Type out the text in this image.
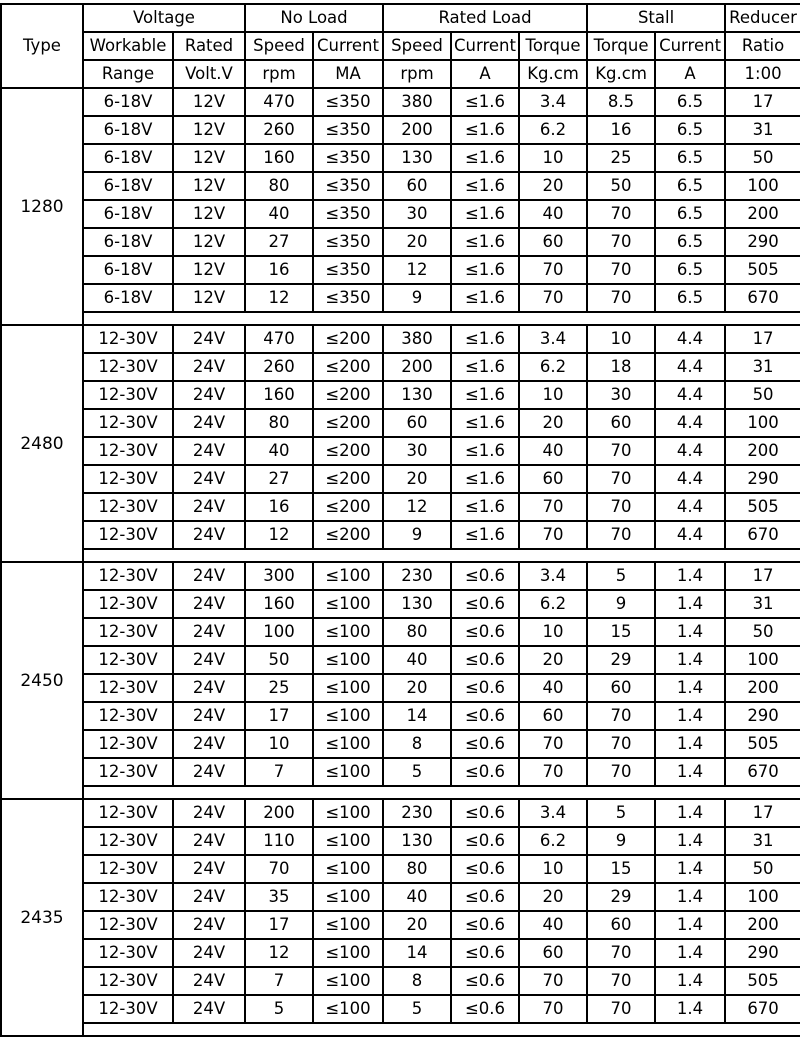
Type	Voltage		No Load		Rated Load			Stall		Reducer
	Workable	Rated	Speed	Current	Speed	Current	Torque	Torque	Current	Ratio
	Range	Volt.V	rpm	MA	rpm	A	Kg.cm	Kg.cm	A	1:00
1280	6-18V	12V	470	≤350	380	≤1.6	3.4	8.5	6.5	17
	6-18V	12V	260	≤350	200	≤1.6	6.2	16	6.5	31
	6-18V	12V	160	≤350	130	≤1.6	10	25	6.5	50
	6-18V	12V	80	≤350	60	≤1.6	20	50	6.5	100
	6-18V	12V	40	≤350	30	≤1.6	40	70	6.5	200
	6-18V	12V	27	≤350	20	≤1.6	60	70	6.5	290
	6-18V	12V	16	≤350	12	≤1.6	70	70	6.5	505
	6-18V	12V	12	≤350	9	≤1.6	70	70	6.5	670

2480	12-30V	24V	470	≤200	380	≤1.6	3.4	10	4.4	17
	12-30V	24V	260	≤200	200	≤1.6	6.2	18	4.4	31
	12-30V	24V	160	≤200	130	≤1.6	10	30	4.4	50
	12-30V	24V	80	≤200	60	≤1.6	20	60	4.4	100
	12-30V	24V	40	≤200	30	≤1.6	40	70	4.4	200
	12-30V	24V	27	≤200	20	≤1.6	60	70	4.4	290
	12-30V	24V	16	≤200	12	≤1.6	70	70	4.4	505
	12-30V	24V	12	≤200	9	≤1.6	70	70	4.4	670

2450	12-30V	24V	300	≤100	230	≤0.6	3.4	5	1.4	17
	12-30V	24V	160	≤100	130	≤0.6	6.2	9	1.4	31
	12-30V	24V	100	≤100	80	≤0.6	10	15	1.4	50
	12-30V	24V	50	≤100	40	≤0.6	20	29	1.4	100
	12-30V	24V	25	≤100	20	≤0.6	40	60	1.4	200
	12-30V	24V	17	≤100	14	≤0.6	60	70	1.4	290
	12-30V	24V	10	≤100	8	≤0.6	70	70	1.4	505
	12-30V	24V	7	≤100	5	≤0.6	70	70	1.4	670

2435	12-30V	24V	200	≤100	230	≤0.6	3.4	5	1.4	17
	12-30V	24V	110	≤100	130	≤0.6	6.2	9	1.4	31
	12-30V	24V	70	≤100	80	≤0.6	10	15	1.4	50
	12-30V	24V	35	≤100	40	≤0.6	20	29	1.4	100
	12-30V	24V	17	≤100	20	≤0.6	40	60	1.4	200
	12-30V	24V	12	≤100	14	≤0.6	60	70	1.4	290
	12-30V	24V	7	≤100	8	≤0.6	70	70	1.4	505
	12-30V	24V	5	≤100	5	≤0.6	70	70	1.4	670
